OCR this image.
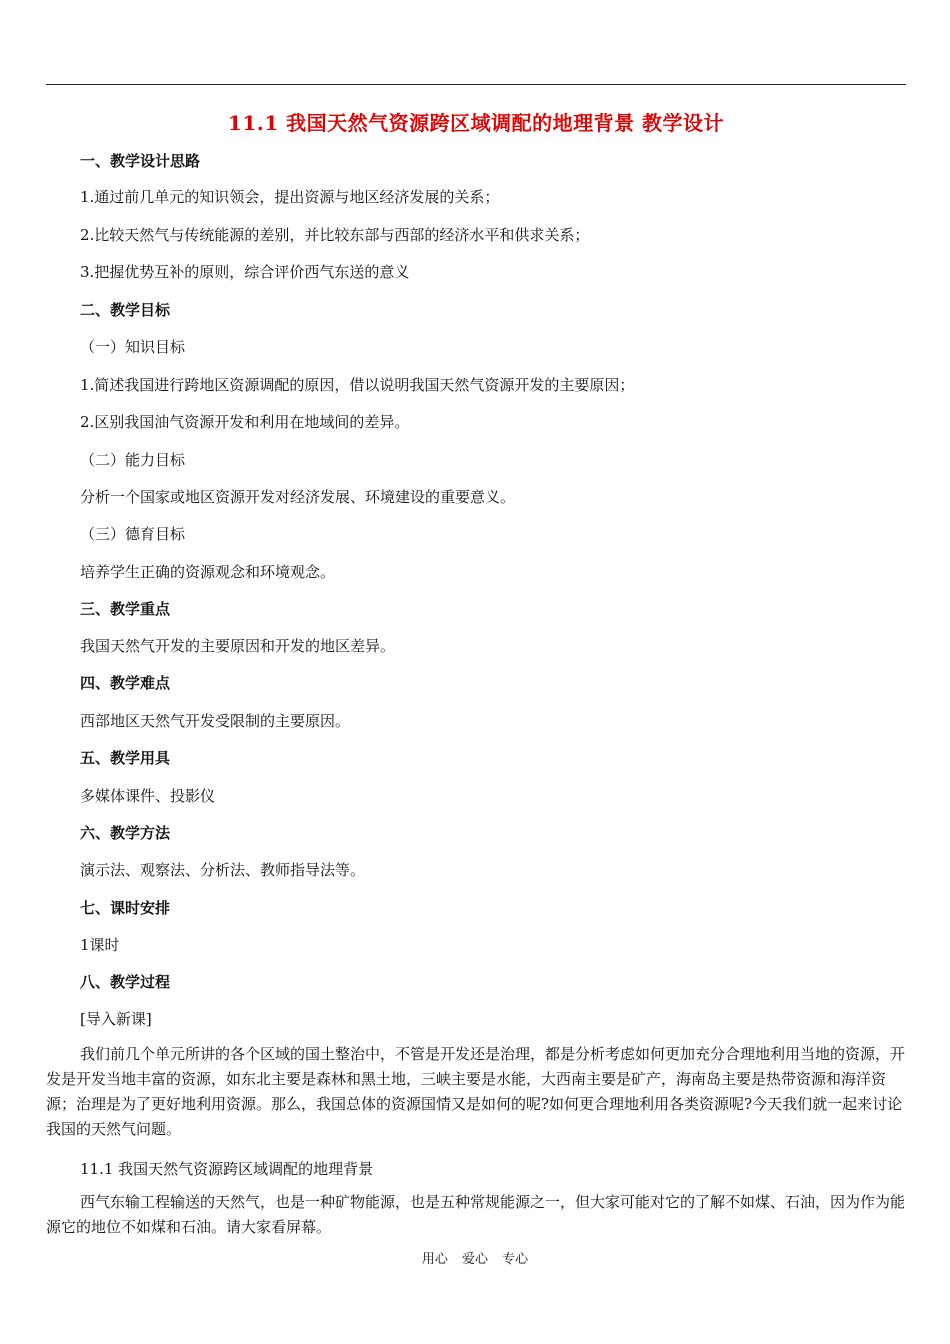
11.1 我国天然气资源跨区域调配的地理背景 教学设计
一、教学设计思路
1.通过前几单元的知识领会，提出资源与地区经济发展的关系；
2.比较天然气与传统能源的差别，并比较东部与西部的经济水平和供求关系；
3.把握优势互补的原则，综合评价西气东送的意义
二、教学目标
（一）知识目标
1.简述我国进行跨地区资源调配的原因，借以说明我国天然气资源开发的主要原因；
2.区别我国油气资源开发和利用在地域间的差异。
（二）能力目标
分析一个国家或地区资源开发对经济发展、环境建设的重要意义。
（三）德育目标
培养学生正确的资源观念和环境观念。
三、教学重点
我国天然气开发的主要原因和开发的地区差异。
四、教学难点
西部地区天然气开发受限制的主要原因。
五、教学用具
多媒体课件、投影仪
六、教学方法
演示法、观察法、分析法、教师指导法等。
七、课时安排
1课时
八、教学过程
[导入新课]
我们前几个单元所讲的各个区域的国土整治中，不管是开发还是治理，都是分析考虑如何更加充分合理地利用当地的资源，开发是开发当地丰富的资源，如东北主要是森林和黑土地，三峡主要是水能，大西南主要是矿产，海南岛主要是热带资源和海洋资源；治理是为了更好地利用资源。那么，我国总体的资源国情又是如何的呢?如何更合理地利用各类资源呢?今天我们就一起来讨论我国的天然气问题。
11.1 我国天然气资源跨区域调配的地理背景
西气东输工程输送的天然气，也是一种矿物能源，也是五种常规能源之一，但大家可能对它的了解不如煤、石油，因为作为能源它的地位不如煤和石油。请大家看屏幕。
用心 爱心 专心
